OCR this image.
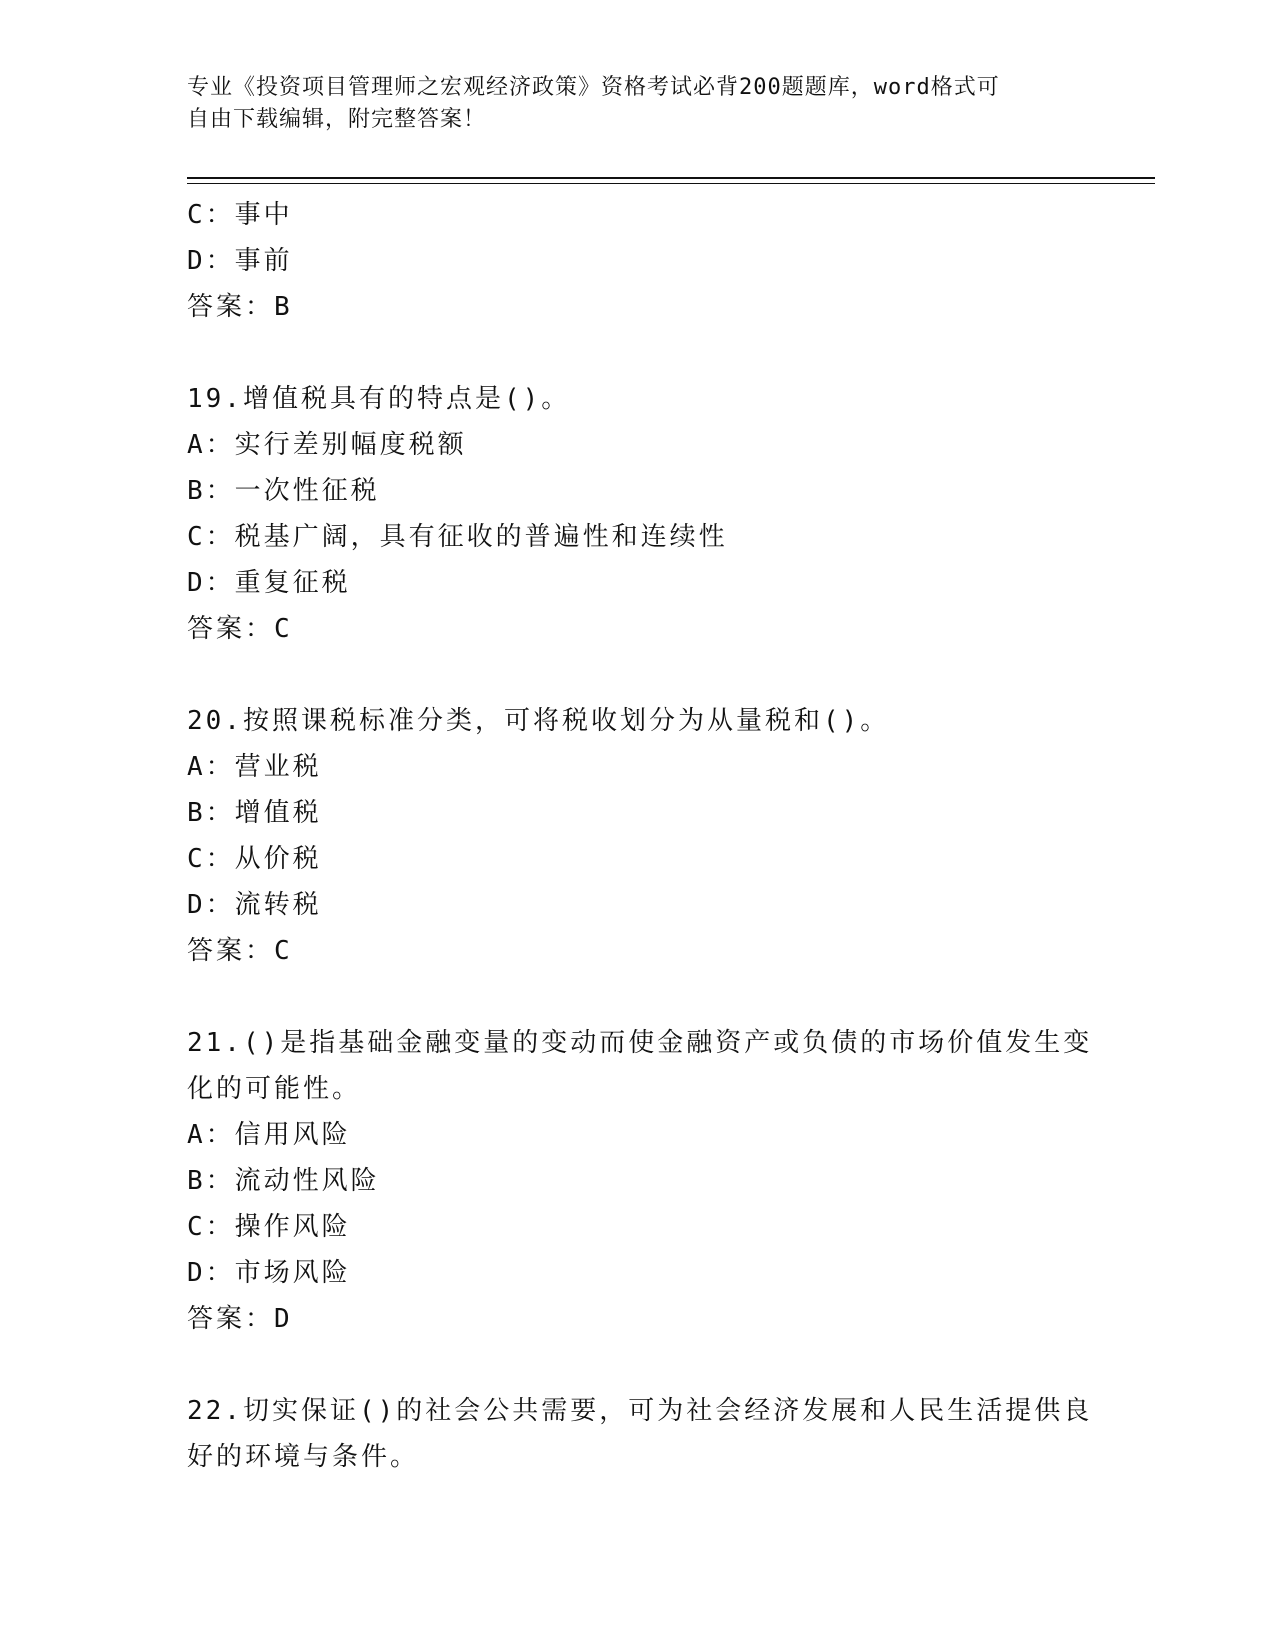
专业《投资项目管理师之宏观经济政策》资格考试必背200题题库，word格式可
自由下载编辑，附完整答案！
C：事中
D：事前
答案：B
19.增值税具有的特点是()。
A：实行差别幅度税额
B：一次性征税
C：税基广阔，具有征收的普遍性和连续性
D：重复征税
答案：C
20.按照课税标准分类，可将税收划分为从量税和()。
A：营业税
B：增值税
C：从价税
D：流转税
答案：C
21.()是指基础金融变量的变动而使金融资产或负债的市场价值发生变
化的可能性。
A：信用风险
B：流动性风险
C：操作风险
D：市场风险
答案：D
22.切实保证()的社会公共需要，可为社会经济发展和人民生活提供良
好的环境与条件。
